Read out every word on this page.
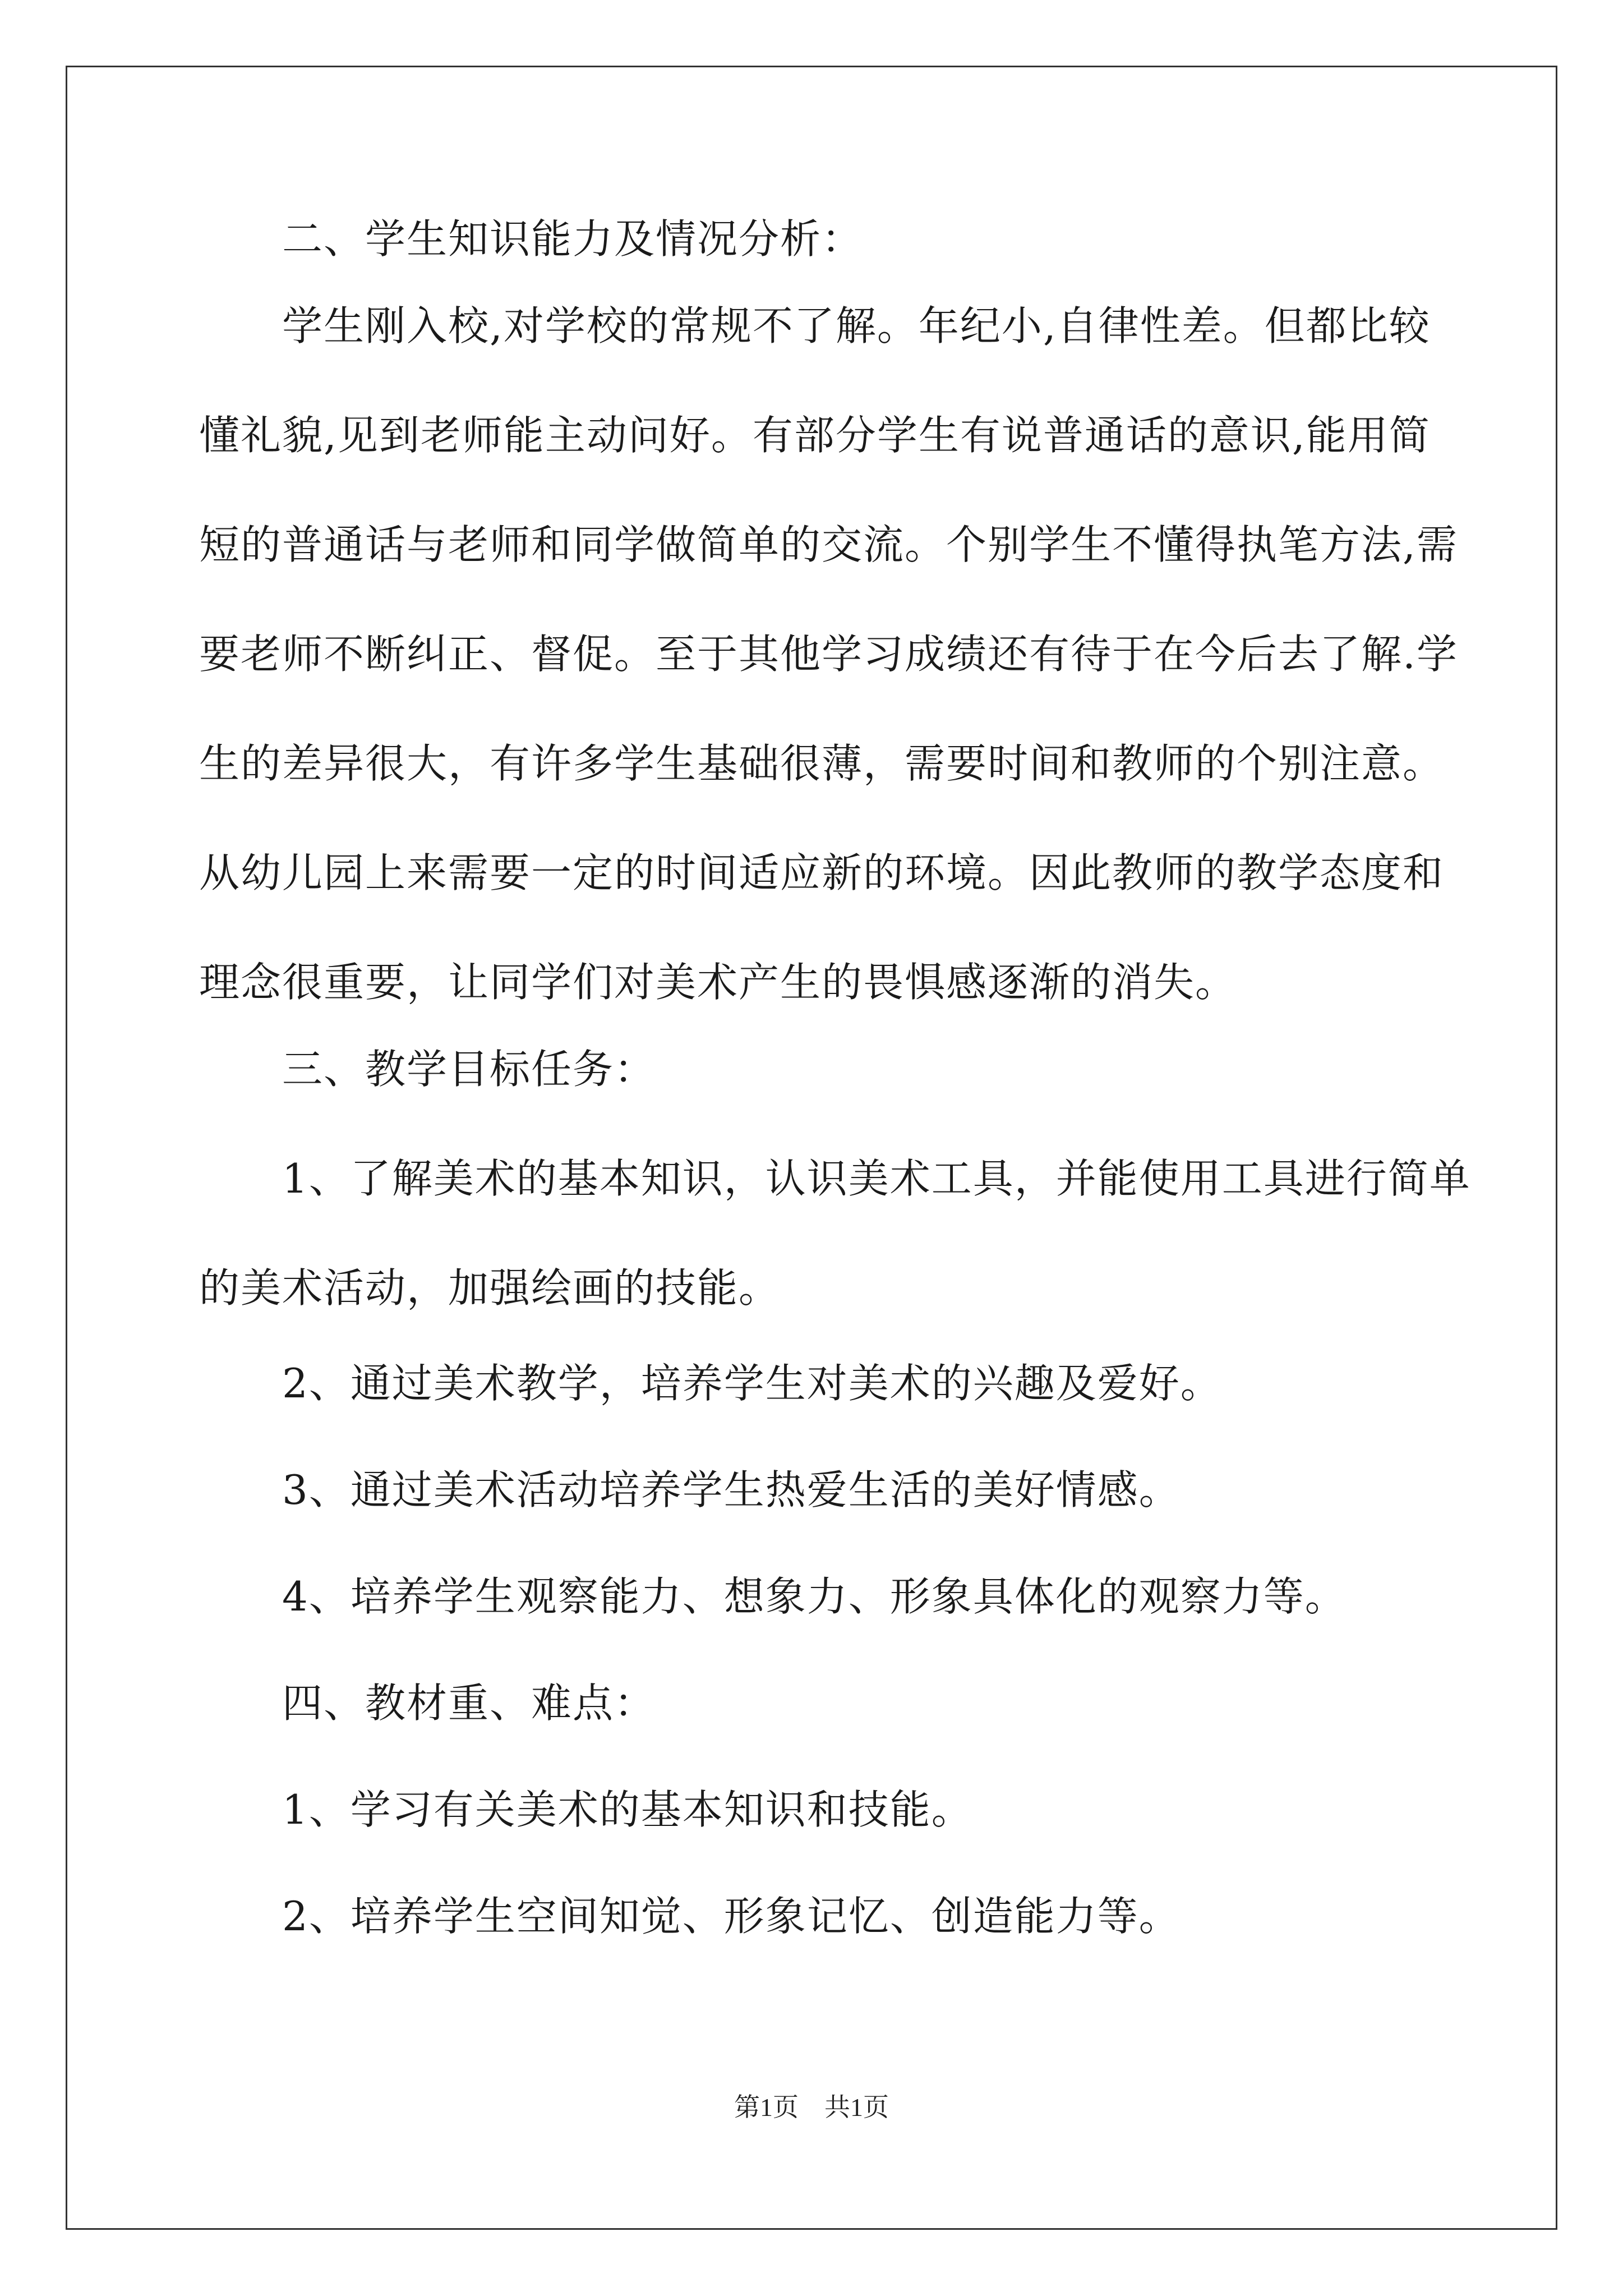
　　二、学生知识能力及情况分析：
　　学生刚入校,对学校的常规不了解。年纪小,自律性差。但都比较
懂礼貌,见到老师能主动问好。有部分学生有说普通话的意识,能用简
短的普通话与老师和同学做简单的交流。个别学生不懂得执笔方法,需
要老师不断纠正、督促。至于其他学习成绩还有待于在今后去了解.学
生的差异很大，有许多学生基础很薄，需要时间和教师的个别注意。
从幼儿园上来需要一定的时间适应新的环境。因此教师的教学态度和
理念很重要，让同学们对美术产生的畏惧感逐渐的消失。
　　三、教学目标任务：
　　1、了解美术的基本知识，认识美术工具，并能使用工具进行简单
的美术活动，加强绘画的技能。
　　2、通过美术教学，培养学生对美术的兴趣及爱好。
　　3、通过美术活动培养学生热爱生活的美好情感。
　　4、培养学生观察能力、想象力、形象具体化的观察力等。
　　四、教材重、难点：
　　1、学习有关美术的基本知识和技能。
　　2、培养学生空间知觉、形象记忆、创造能力等。
第1页　共1页
